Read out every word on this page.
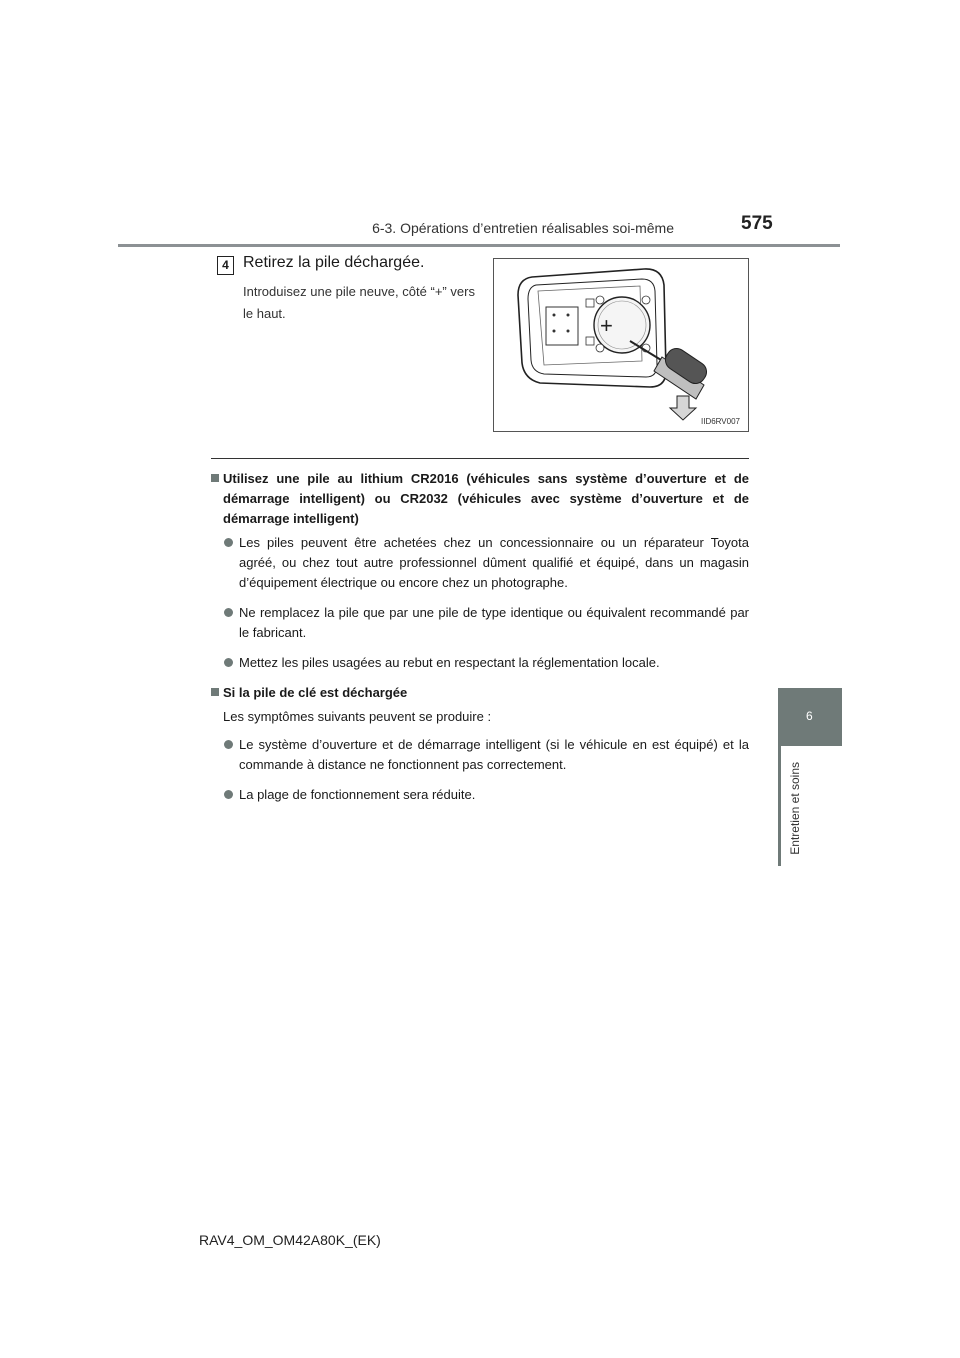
6-3. Opérations d’entretien réalisables soi-même	575
6
Entretien et soins
4 Retirez la pile déchargée.
Introduisez une pile neuve, côté “+” vers le haut.	+
IID6RV007
Utilisez une pile au lithium CR2016 (véhicules sans système d’ouverture et de démarrage intelligent) ou CR2032 (véhicules avec système d’ouverture et de démarrage intelligent)
Les piles peuvent être achetées chez un concessionnaire ou un réparateur Toyota agréé, ou chez tout autre professionnel dûment qualifié et équipé, dans un magasin d’équipement électrique ou encore chez un photographe.
Ne remplacez la pile que par une pile de type identique ou équivalent recommandé par le fabricant.
Mettez les piles usagées au rebut en respectant la réglementation locale.
Si la pile de clé est déchargée
Les symptômes suivants peuvent se produire :
Le système d’ouverture et de démarrage intelligent (si le véhicule en est équipé) et la commande à distance ne fonctionnent pas correctement.
La plage de fonctionnement sera réduite.
RAV4_OM_OM42A80K_(EK)
